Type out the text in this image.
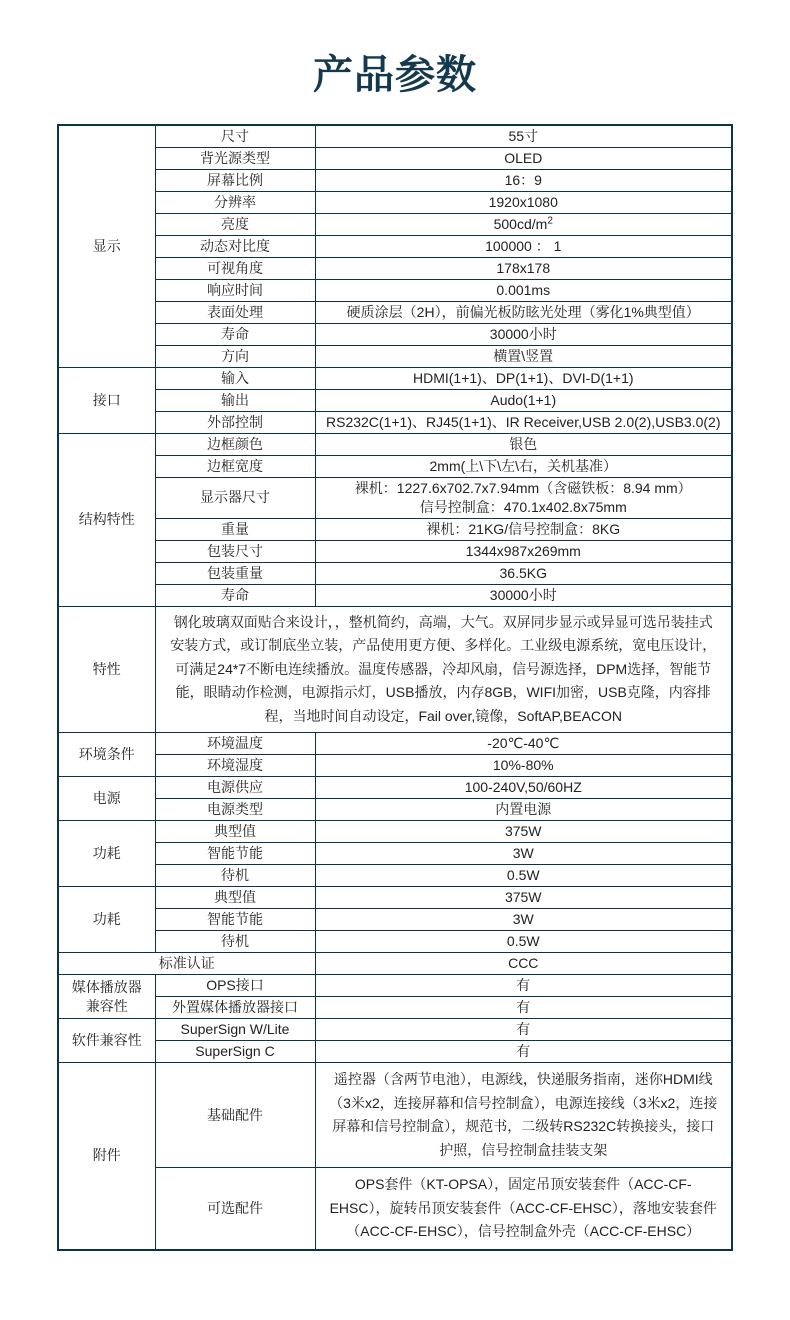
产品参数
显示	尺寸	55寸
	背光源类型	OLED
	屏幕比例	16：9
	分辨率	1920x1080
	亮度	$500cd/m^2$
	动态对比度	100000 ： 1
	可视角度	178x178
	响应时间	0.001ms
	表面处理	硬质涂层（2H），前偏光板防眩光处理（雾化1%典型值）
	寿命	30000小时
	方向	横置\竖置
接口	输入	HDMI(1+1)、DP(1+1)、DVI-D(1+1)
	输出	Audo(1+1)
	外部控制	RS232C(1+1)、RJ45(1+1)、IR Receiver,USB 2.0(2),USB3.0(2)
结构特性	边框颜色	银色
	边框宽度	2mm(上\下\左\右，关机基准）
	显示器尺寸	裸机：1227.6x702.7x7.94mm（含磁铁板：8.94 mm）
信号控制盒：470.1x402.8x75mm
	重量	裸机：21KG/信号控制盒：8KG
	包装尺寸	1344x987x269mm
	包装重量	36.5KG
	寿命	30000小时
特性	钢化玻璃双面贴合来设计，，整机简约，高端，大气。双屏同步显示或异显可选吊装挂式安装方式，或订制底坐立装，产品使用更方便、多样化。工业级电源系统，宽电压设计，可满足24*7不断电连续播放。温度传感器，冷却风扇，信号源选择，DPM选择，智能节能，眼睛动作检测，电源指示灯，USB播放，内存8GB，WIFI加密，USB克隆，内容排程，当地时间自动设定，Fail over,镜像，SoftAP,BEACON	
环境条件	环境温度	-20℃-40℃
	环境湿度	10%-80%
电源	电源供应	100-240V,50/60HZ
	电源类型	内置电源
功耗	典型值	375W
	智能节能	3W
	待机	0.5W
功耗	典型值	375W
	智能节能	3W
	待机	0.5W
标准认证		CCC
媒体播放器兼容性	OPS接口	有
	外置媒体播放器接口	有
软件兼容性	SuperSign W/Lite	有
	SuperSign C	有
附件	基础配件	遥控器（含两节电池），电源线，快递服务指南，迷你HDMI线（3米x2，连接屏幕和信号控制盒），电源连接线（3米x2，连接屏幕和信号控制盒），规范书，二级转RS232C转换接头，接口护照，信号控制盒挂装支架
	可选配件	OPS套件（KT-OPSA），固定吊顶安装套件（ACC-CF-EHSC），旋转吊顶安装套件（ACC-CF-EHSC），落地安装套件（ACC-CF-EHSC），信号控制盒外壳（ACC-CF-EHSC）
